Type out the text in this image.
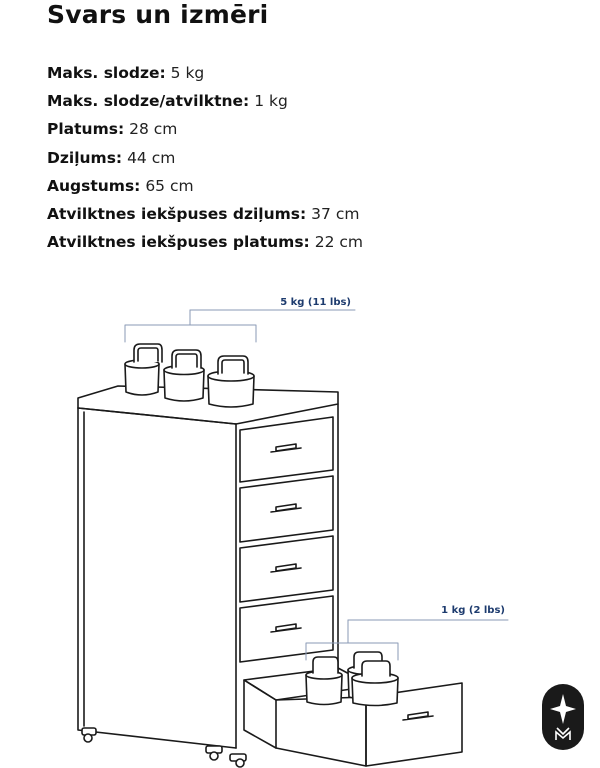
Svars un izmēri
Maks. slodze: 5 kg
Maks. slodze/atvilktne: 1 kg
Platums: 28 cm
Dziļums: 44 cm
Augstums: 65 cm
Atvilktnes iekšpuses dziļums: 37 cm
Atvilktnes iekšpuses platums: 22 cm
5 kg (11 lbs)
1 kg (2 lbs)
